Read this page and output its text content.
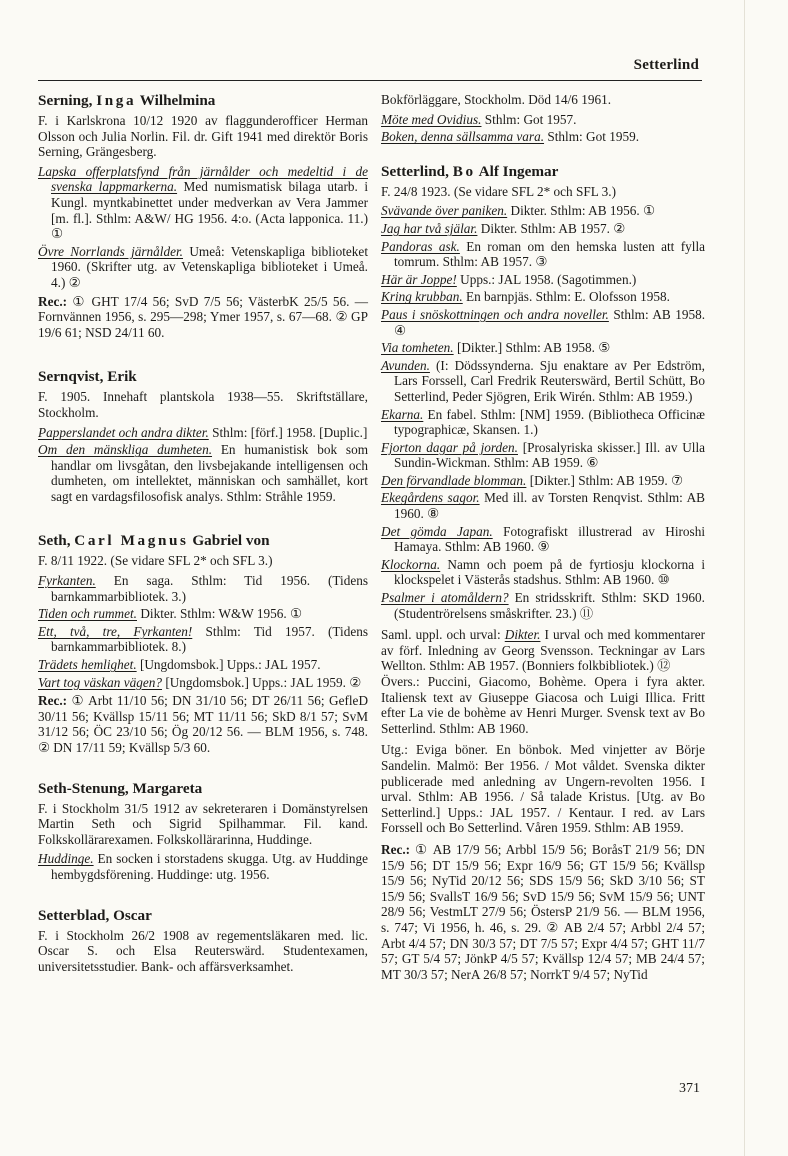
Setterlind
Serning, Inga Wilhelmina

F. i Karlskrona 10/12 1920 av flaggunderofficer Herman Olsson och Julia Norlin. Fil. dr. Gift 1941 med direktör Boris Serning, Grängesberg.

Lapska offerplatsfynd från järnålder och medeltid i de svenska lappmarkerna. Med numismatisk bilaga utarb. i Kungl. myntkabinettet under medverkan av Vera Jammer [m. fl.]. Sthlm: A&W/ HG 1956. 4:o. (Acta lapponica. 11.) ①

Övre Norrlands järnålder. Umeå: Vetenskapliga biblioteket 1960. (Skrifter utg. av Vetenskapliga biblioteket i Umeå. 4.) ②

Rec.: ① GHT 17/4 56; SvD 7/5 56; VästerbK 25/5 56. — Fornvännen 1956, s. 295—298; Ymer 1957, s. 67—68. ② GP 19/6 61; NSD 24/11 60.

Sernqvist, Erik

F. 1905. Innehaft plantskola 1938—55. Skriftställare, Stockholm.

Papperslandet och andra dikter. Sthlm: [förf.] 1958. [Duplic.]

Om den mänskliga dumheten. En humanistisk bok som handlar om livsgåtan, den livsbejakande intelligensen och dumheten, om intellektet, människan och samhället, kort sagt en vardagsfilosofisk analys. Sthlm: Stråhle 1959.

Seth, Carl Magnus Gabriel von

F. 8/11 1922. (Se vidare SFL 2* och SFL 3.)

Fyrkanten. En saga. Sthlm: Tid 1956. (Tidens barnkammarbibliotek. 3.)

Tiden och rummet. Dikter. Sthlm: W&W 1956. ①

Ett, två, tre, Fyrkanten! Sthlm: Tid 1957. (Tidens barnkammarbibliotek. 8.)

Trädets hemlighet. [Ungdomsbok.] Upps.: JAL 1957.

Vart tog väskan vägen? [Ungdomsbok.] Upps.: JAL 1959. ②

Rec.: ① Arbt 11/10 56; DN 31/10 56; DT 26/11 56; GefleD 30/11 56; Kvällsp 15/11 56; MT 11/11 56; SkD 8/1 57; SvM 31/12 56; ÖC 23/10 56; Ög 20/12 56. — BLM 1956, s. 748. ② DN 17/11 59; Kvällsp 5/3 60.

Seth-Stenung, Margareta

F. i Stockholm 31/5 1912 av sekreteraren i Domänstyrelsen Martin Seth och Sigrid Spilhammar. Fil. kand. Folkskollärarexamen. Folkskollärarinna, Huddinge.

Huddinge. En socken i storstadens skugga. Utg. av Huddinge hembygdsförening. Huddinge: utg. 1956.

Setterblad, Oscar

F. i Stockholm 26/2 1908 av regementsläkaren med. lic. Oscar S. och Elsa Reuterswärd. Studentexamen, universitetsstudier. Bank- och affärsverksamhet.

Bokförläggare, Stockholm. Död 14/6 1961.

Möte med Ovidius. Sthlm: Got 1957.

Boken, denna sällsamma vara. Sthlm: Got 1959.

Setterlind, Bo Alf Ingemar

F. 24/8 1923. (Se vidare SFL 2* och SFL 3.)

Svävande över paniken. Dikter. Sthlm: AB 1956. ①

Jag har två själar. Dikter. Sthlm: AB 1957. ②

Pandoras ask. En roman om den hemska lusten att fylla tomrum. Sthlm: AB 1957. ③

Här är Joppe! Upps.: JAL 1958. (Sagotimmen.)

Kring krubban. En barnpjäs. Sthlm: E. Olofsson 1958.

Paus i snöskottningen och andra noveller. Sthlm: AB 1958. ④

Via tomheten. [Dikter.] Sthlm: AB 1958. ⑤

Avunden. (I: Dödssynderna. Sju enaktare av Per Edström, Lars Forssell, Carl Fredrik Reuterswärd, Bertil Schütt, Bo Setterlind, Peder Sjögren, Erik Wirén. Sthlm: AB 1959.)

Ekarna. En fabel. Sthlm: [NM] 1959. (Bibliotheca Officinæ typographicæ, Skansen. 1.)

Fjorton dagar på jorden. [Prosalyriska skisser.] Ill. av Ulla Sundin-Wickman. Sthlm: AB 1959. ⑥

Den förvandlade blomman. [Dikter.] Sthlm: AB 1959. ⑦

Ekegårdens sagor. Med ill. av Torsten Renqvist. Sthlm: AB 1960. ⑧

Det gömda Japan. Fotografiskt illustrerad av Hiroshi Hamaya. Sthlm: AB 1960. ⑨

Klockorna. Namn och poem på de fyrtiosju klockorna i klockspelet i Västerås stadshus. Sthlm: AB 1960. ⑩

Psalmer i atomåldern? En stridsskrift. Sthlm: SKD 1960. (Studentrörelsens småskrifter. 23.) ⑪

Saml. uppl. och urval: Dikter. I urval och med kommentarer av förf. Inledning av Georg Svensson. Teckningar av Lars Wellton. Sthlm: AB 1957. (Bonniers folkbibliotek.) ⑫

Övers.: Puccini, Giacomo, Bohème. Opera i fyra akter. Italiensk text av Giuseppe Giacosa och Luigi Illica. Fritt efter La vie de bohème av Henri Murger. Svensk text av Bo Setterlind. Sthlm: AB 1960.

Utg.: Eviga böner. En bönbok. Med vinjetter av Börje Sandelin. Malmö: Ber 1956. / Mot våldet. Svenska dikter publicerade med anledning av Ungern-revolten 1956. I urval. Sthlm: AB 1956. / Så talade Kristus. [Utg. av Bo Setterlind.] Upps.: JAL 1957. / Kentaur. I red. av Lars Forssell och Bo Setterlind. Våren 1959. Sthlm: AB 1959.

Rec.: ① AB 17/9 56; Arbbl 15/9 56; BoråsT 21/9 56; DN 15/9 56; DT 15/9 56; Expr 16/9 56; GT 15/9 56; Kvällsp 15/9 56; NyTid 20/12 56; SDS 15/9 56; SkD 3/10 56; ST 15/9 56; SvallsT 16/9 56; SvD 15/9 56; SvM 15/9 56; UNT 28/9 56; VestmLT 27/9 56; ÖstersP 21/9 56. — BLM 1956, s. 747; Vi 1956, h. 46, s. 29. ② AB 2/4 57; Arbbl 2/4 57; Arbt 4/4 57; DN 30/3 57; DT 7/5 57; Expr 4/4 57; GHT 11/7 57; GT 5/4 57; JönkP 4/5 57; Kvällsp 12/4 57; MB 24/4 57; MT 30/3 57; NerA 26/8 57; NorrkT 9/4 57; NyTid

371
